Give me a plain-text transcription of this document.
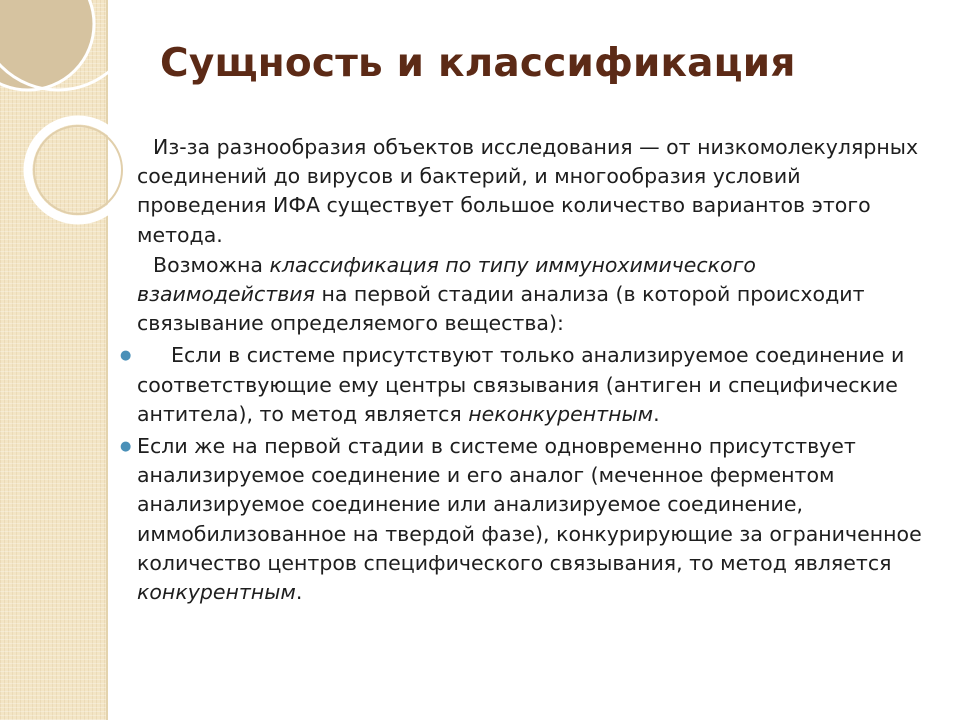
Сущность и классификация

Из-за разнообразия объектов исследования — от низкомолекулярных соединений до вирусов и бактерий, и многообразия условий проведения ИФА существует большое количество вариантов этого метода.

Возможна классификация по типу иммунохимического взаимодействия на первой стадии анализа (в которой происходит связывание определяемого вещества):

● Если в системе присутствуют только анализируемое соединение и соответствующие ему центры связывания (антиген и специфические антитела), то метод является неконкурентным.
● Если же на первой стадии в системе одновременно присутствует анализируемое соединение и его аналог (меченное ферментом анализируемое соединение или анализируемое соединение, иммобилизованное на твердой фазе), конкурирующие за ограниченное количество центров специфического связывания, то метод является конкурентным.
